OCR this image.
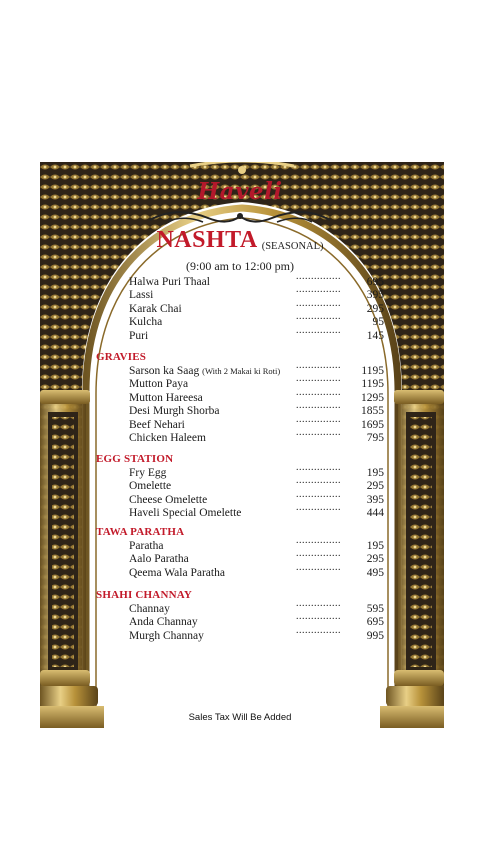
Haveli
NASHTA (SEASONAL)
(9:00 am to 12:00 pm)
Halwa Puri Thaal	............... 695
Lassi	............... 395
Karak Chai	............... 295
Kulcha	...............	95
Puri	............... 145
GRAVIES
Sarson ka Saag (With 2 Makai ki Roti) ............... 1195
Mutton Paya	............... 1195
Mutton Hareesa	............... 1295
Desi Murgh Shorba	............... 1855
Beef Nehari	............... 1695
Chicken Haleem	............... 795
EGG STATION
Fry Egg	............... 195
Omelette	............... 295
Cheese Omelette	............... 395
Haveli Special Omelette	............... 444
TAWA PARATHA
Paratha	............... 195
Aalo Paratha	............... 295
Qeema Wala Paratha	............... 495
SHAHI CHANNAY
Channay	............... 595
Anda Channay	............... 695
Murgh Channay	............... 995
Sales Tax Will Be Added
